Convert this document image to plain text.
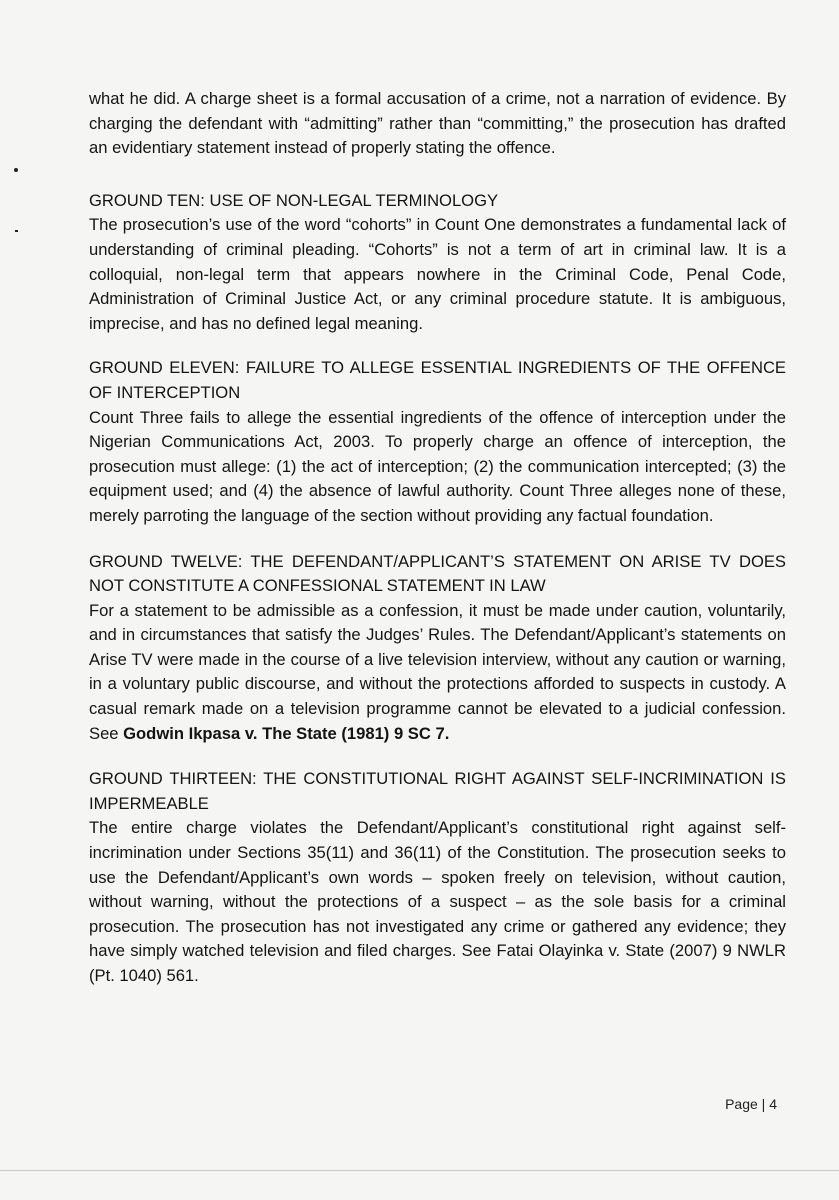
what he did. A charge sheet is a formal accusation of a crime, not a narration of evidence. By charging the defendant with “admitting” rather than “committing,” the prosecution has drafted an evidentiary statement instead of properly stating the offence.

GROUND TEN: USE OF NON-LEGAL TERMINOLOGY

The prosecution’s use of the word “cohorts” in Count One demonstrates a fundamental lack of understanding of criminal pleading. “Cohorts” is not a term of art in criminal law. It is a colloquial, non-legal term that appears nowhere in the Criminal Code, Penal Code, Administration of Criminal Justice Act, or any criminal procedure statute. It is ambiguous, imprecise, and has no defined legal meaning.

GROUND ELEVEN: FAILURE TO ALLEGE ESSENTIAL INGREDIENTS OF THE OFFENCE OF INTERCEPTION

Count Three fails to allege the essential ingredients of the offence of interception under the Nigerian Communications Act, 2003. To properly charge an offence of interception, the prosecution must allege: (1) the act of interception; (2) the communication intercepted; (3) the equipment used; and (4) the absence of lawful authority. Count Three alleges none of these, merely parroting the language of the section without providing any factual foundation.

GROUND TWELVE: THE DEFENDANT/APPLICANT’S STATEMENT ON ARISE TV DOES NOT CONSTITUTE A CONFESSIONAL STATEMENT IN LAW

For a statement to be admissible as a confession, it must be made under caution, voluntarily, and in circumstances that satisfy the Judges’ Rules. The Defendant/Applicant’s statements on Arise TV were made in the course of a live television interview, without any caution or warning, in a voluntary public discourse, and without the protections afforded to suspects in custody. A casual remark made on a television programme cannot be elevated to a judicial confession. See Godwin Ikpasa v. The State (1981) 9 SC 7.

GROUND THIRTEEN: THE CONSTITUTIONAL RIGHT AGAINST SELF-INCRIMINATION IS IMPERMEABLE

The entire charge violates the Defendant/Applicant’s constitutional right against self-incrimination under Sections 35(11) and 36(11) of the Constitution. The prosecution seeks to use the Defendant/Applicant’s own words – spoken freely on television, without caution, without warning, without the protections of a suspect – as the sole basis for a criminal prosecution. The prosecution has not investigated any crime or gathered any evidence; they have simply watched television and filed charges. See Fatai Olayinka v. State (2007) 9 NWLR (Pt. 1040) 561.

Page | 4
